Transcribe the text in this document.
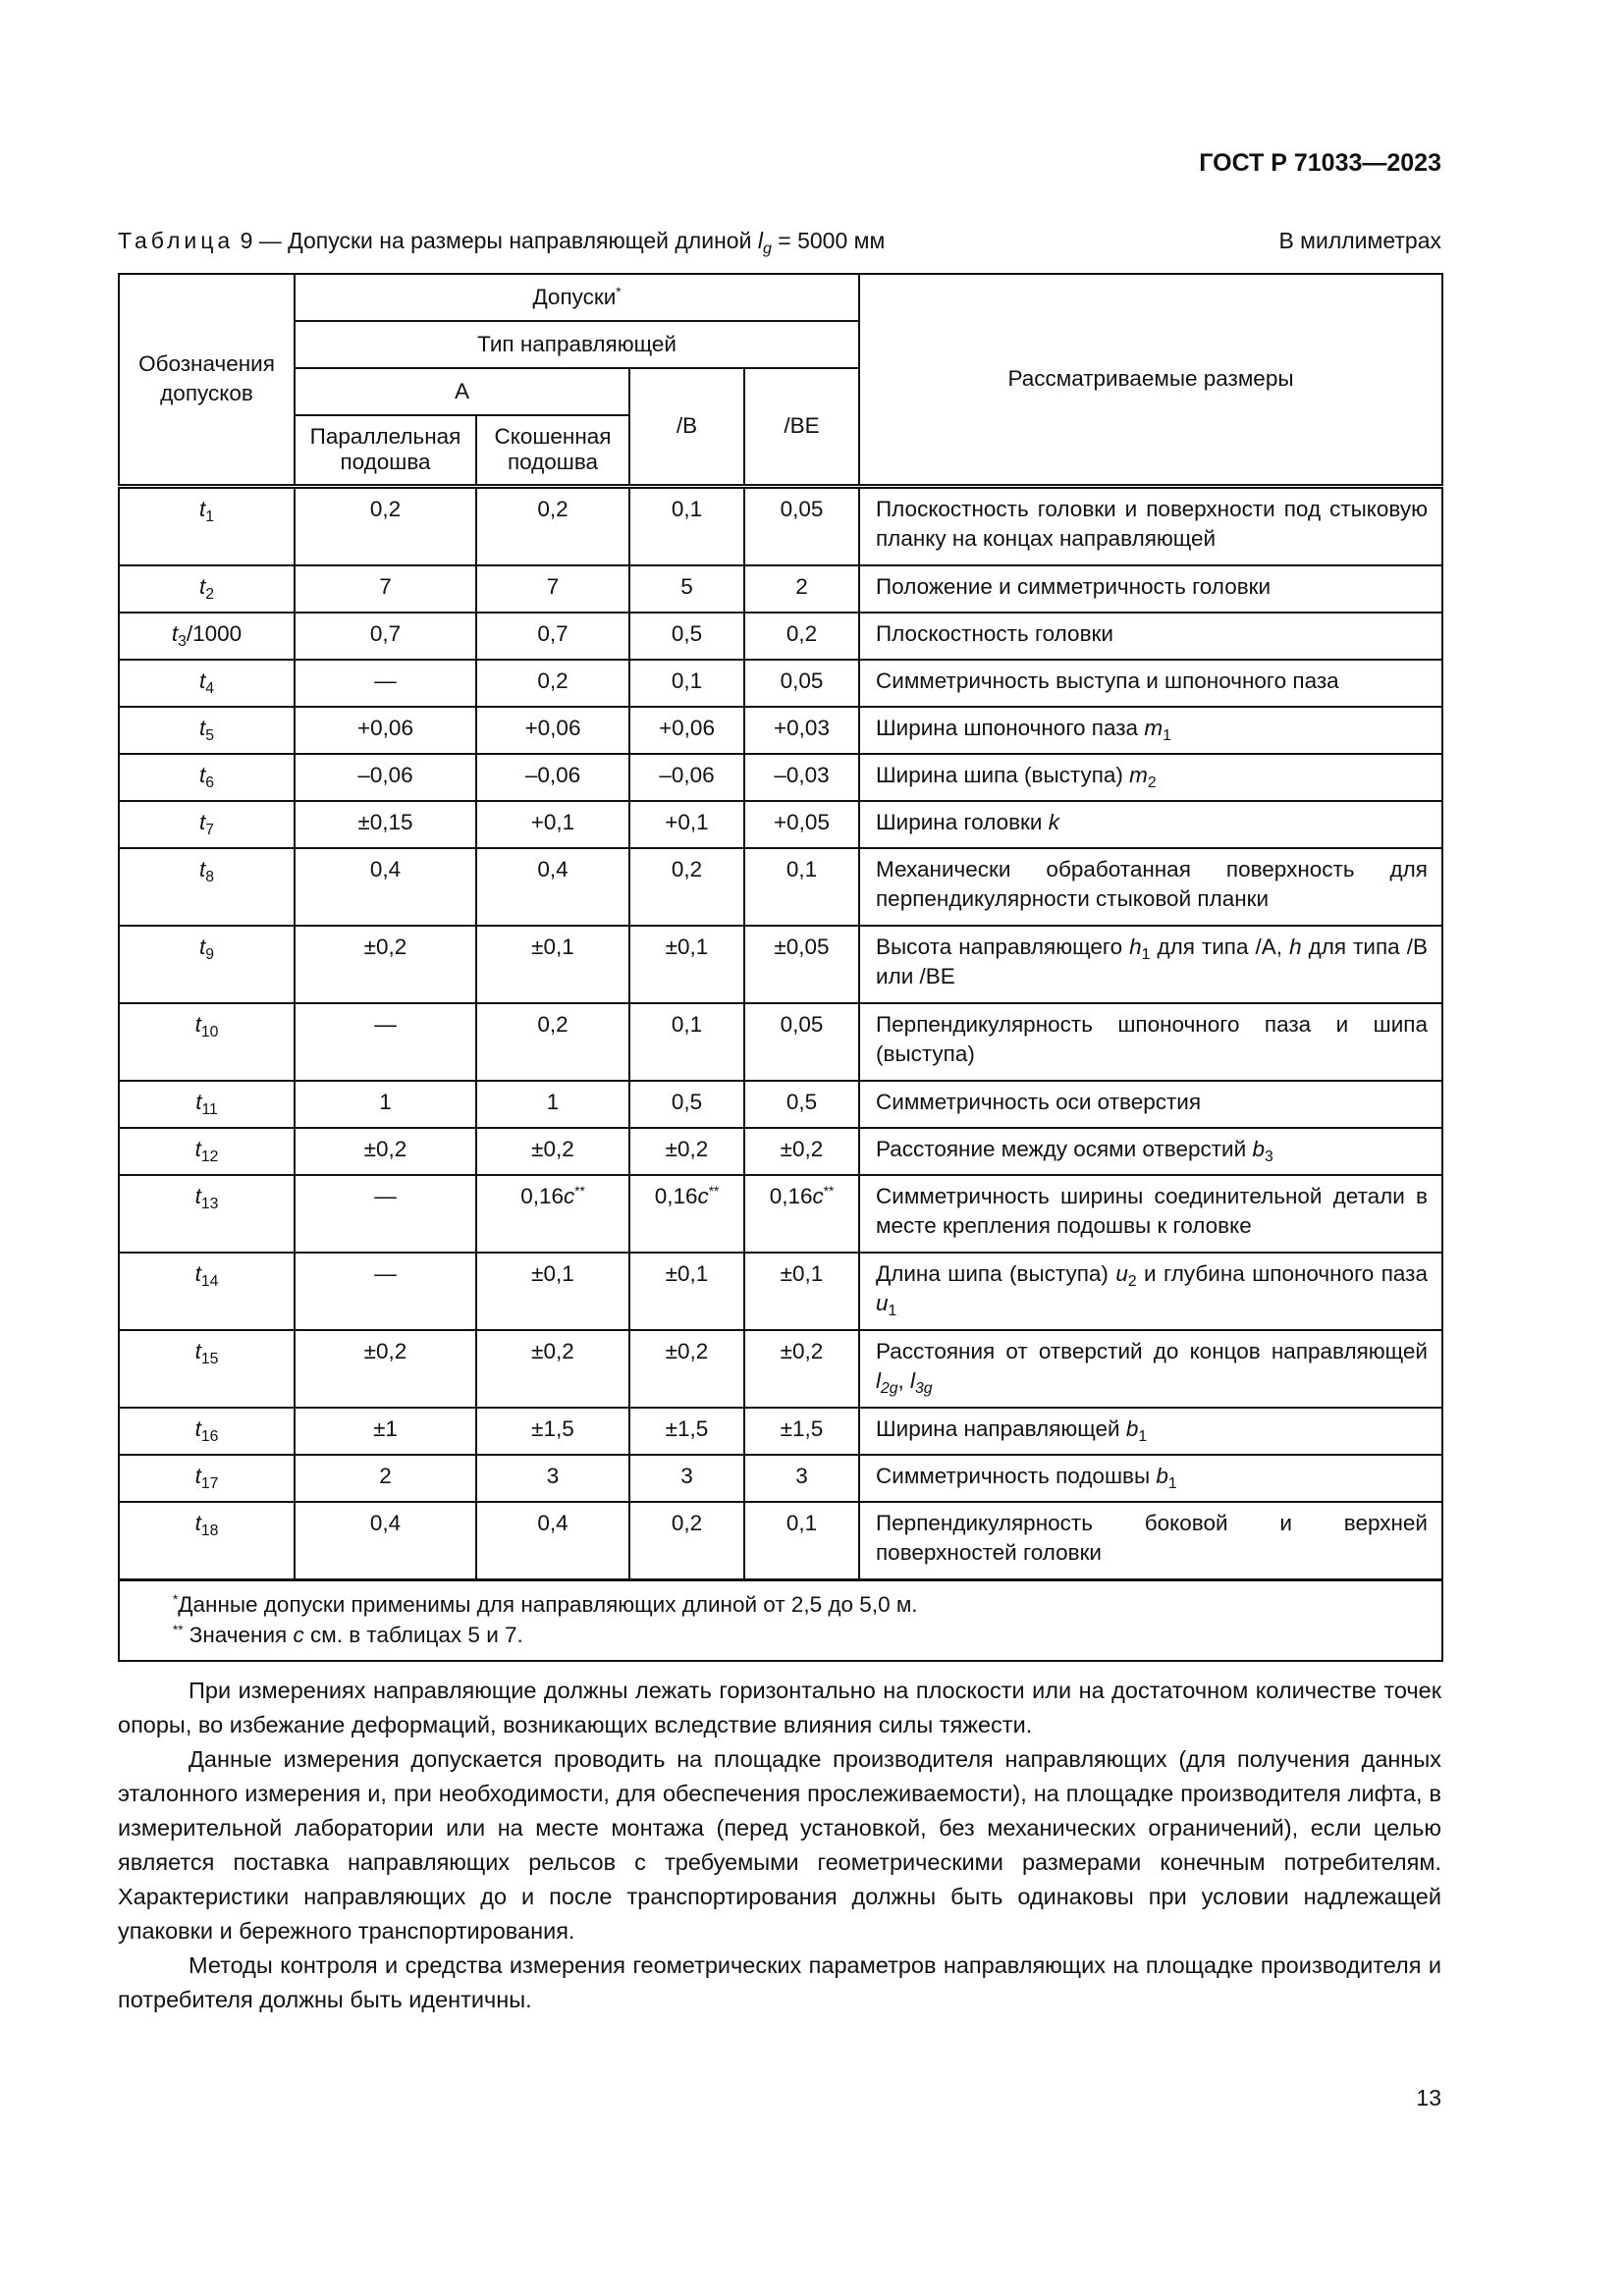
ГОСТ Р 71033—2023
Таблица 9 — Допуски на размеры направляющей длиной $l_g = 5000$ мм	В миллиметрах
Обозначения допусков	Допуски*				Рассматриваемые размеры
	Тип направляющей				
	A		/B	/BE	
	Параллельная подошва	Скошенная подошва			
$t_1$	0,2	0,2	0,1	0,05	Плоскостность головки и поверхности под стыковую планку на концах направляющей
$t_2$	7	7	5	2	Положение и симметричность головки
$t_3/1000$	0,7	0,7	0,5	0,2	Плоскостность головки
$t_4$	—	0,2	0,1	0,05	Симметричность выступа и шпоночного паза
$t_5$	+0,06	+0,06	+0,06	+0,03	Ширина шпоночного паза $m_1$
$t_6$	–0,06	–0,06	–0,06	–0,03	Ширина шипа (выступа) $m_2$
$t_7$	±0,15	+0,1	+0,1	+0,05	Ширина головки k
$t_8$	0,4	0,4	0,2	0,1	Механически обработанная поверхность для перпендикулярности стыковой планки
$t_9$	±0,2	±0,1	±0,1	±0,05	Высота направляющего $h_1$ для типа /A, h для типа /B или /BE
$t_{10}$	—	0,2	0,1	0,05	Перпендикулярность шпоночного паза и шипа (выступа)
$t_{11}$	1	1	0,5	0,5	Симметричность оси отверстия
$t_{12}$	±0,2	±0,2	±0,2	±0,2	Расстояние между осями отверстий $b_3$
$t_{13}$	—	0,16c**	0,16c**	0,16c**	Симметричность ширины соединительной детали в месте крепления подошвы к головке
$t_{14}$	—	±0,1	±0,1	±0,1	Длина шипа (выступа) $u_2$ и глубина шпоночного паза $u_1$
$t_{15}$	±0,2	±0,2	±0,2	±0,2	Расстояния от отверстий до концов направляющей $l_{2g}$, $l_{3g}$
$t_{16}$	±1	±1,5	±1,5	±1,5	Ширина направляющей $b_1$
$t_{17}$	2	3	3	3	Симметричность подошвы $b_1$
$t_{18}$	0,4	0,4	0,2	0,1	Перпендикулярность боковой и верхней поверхностей головки

*Данные допуски применимы для направляющих длиной от 2,5 до 5,0 м.
** Значения c см. в таблицах 5 и 7.					

При измерениях направляющие должны лежать горизонтально на плоскости или на достаточном количестве точек опоры, во избежание деформаций, возникающих вследствие влияния силы тяжести.

Данные измерения допускается проводить на площадке производителя направляющих (для получения данных эталонного измерения и, при необходимости, для обеспечения прослеживаемости), на площадке производителя лифта, в измерительной лаборатории или на месте монтажа (перед установкой, без механических ограничений), если целью является поставка направляющих рельсов с требуемыми геометрическими размерами конечным потребителям. Характеристики направляющих до и после транспортирования должны быть одинаковы при условии надлежащей упаковки и бережного транспортирования.

Методы контроля и средства измерения геометрических параметров направляющих на площадке производителя и потребителя должны быть идентичны.

13
